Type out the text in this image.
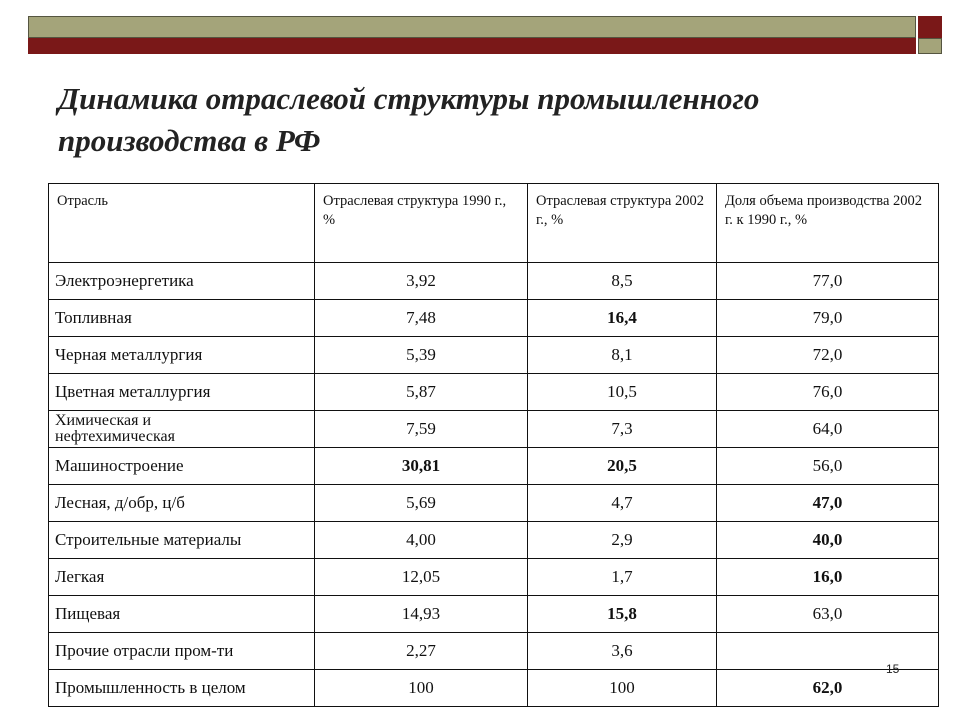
Динамика отраслевой структуры промышленного производства в РФ
Отрасль	Отраслевая структура 1990 г., %	Отраслевая структура 2002 г., %	Доля объема производства 2002 г. к 1990 г., %
Электроэнергетика	3,92	8,5	77,0
Топливная	7,48	16,4	79,0
Черная металлургия	5,39	8,1	72,0
Цветная металлургия	5,87	10,5	76,0
Химическая и
нефтехимическая	7,59	7,3	64,0
Машиностроение	30,81	20,5	56,0
Лесная, д/обр, ц/б	5,69	4,7	47,0
Строительные материалы	4,00	2,9	40,0
Легкая	12,05	1,7	16,0
Пищевая	14,93	15,8	63,0
Прочие отрасли пром-ти	2,27	3,6	
Промышленность в целом	100	100	62,0
15
